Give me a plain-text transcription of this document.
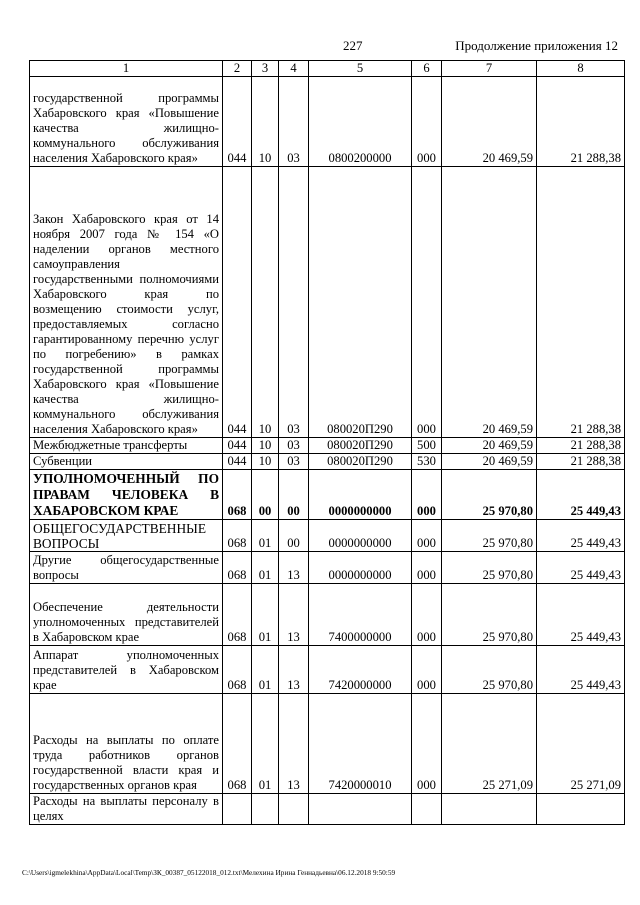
227	Продолжение приложения 12
1	2	3	4	5	6	7	8
государственной программы Хабаровского края «Повышение качества жилищно-коммунального обслуживания населения Хабаровского края»	044	10	03	0800200000	000	20 469,59	21 288,38
Закон Хабаровского края от 14 ноября 2007 года № 154 «О наделении органов местного самоуправления государственными полномочиями Хабаровского края по возмещению стоимости услуг, предоставляемых согласно гарантированному перечню услуг по погребению» в рамках государственной программы Хабаровского края «Повышение качества жилищно-коммунального обслуживания населения Хабаровского края»	044	10	03	080020П290	000	20 469,59	21 288,38
Межбюджетные трансферты	044	10	03	080020П290	500	20 469,59	21 288,38
Субвенции	044	10	03	080020П290	530	20 469,59	21 288,38
УПОЛНОМОЧЕННЫЙ ПО ПРАВАМ ЧЕЛОВЕКА В ХАБАРОВСКОМ КРАЕ	068	00	00	0000000000	000	25 970,80	25 449,43
ОБЩЕГОСУДАРСТВЕННЫЕ ВОПРОСЫ	068	01	00	0000000000	000	25 970,80	25 449,43
Другие общегосударственные вопросы	068	01	13	0000000000	000	25 970,80	25 449,43
Обеспечение деятельности уполномоченных представителей в Хабаровском крае	068	01	13	7400000000	000	25 970,80	25 449,43
Аппарат уполномоченных представителей в Хабаровском крае	068	01	13	7420000000	000	25 970,80	25 449,43
Расходы на выплаты по оплате труда работников органов государственной власти края и государственных органов края	068	01	13	7420000010	000	25 271,09	25 271,09
Расходы на выплаты персоналу в целях							
C:\Users\igmelekhina\AppData\Local\Temp\ЗК_00387_05122018_012.txt\Мелехина Ирина Геннадьевна\06.12.2018 9:50:59
